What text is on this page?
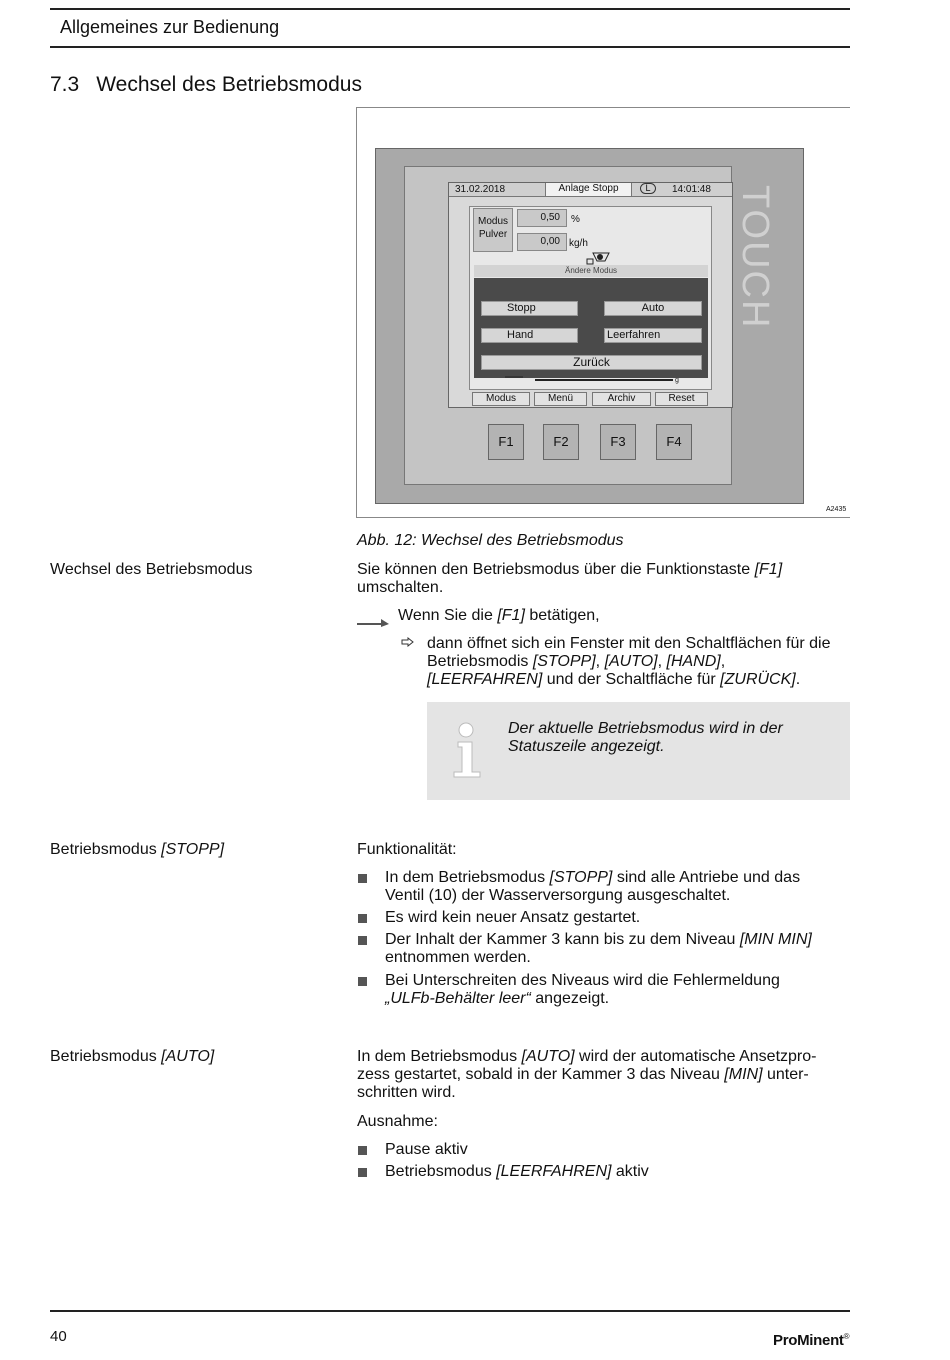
Allgemeines zur Bedienung
7.3 Wechsel des Betriebsmodus
TOUCH
31.02.2018	Anlage Stopp	L	14:01:48
Modus
Pulver
0,50	%
0,00 kg/h
Ändere Modus
Stopp	Auto
Hand	Leerfahren
Zurück
g
Modus	Menü	Archiv	Reset
F1	F2	F3	F4
A2435
Abb. 12: Wechsel des Betriebsmodus
Wechsel des Betriebsmodus	Sie können den Betriebsmodus über die Funktionstaste [F1]
umschalten.
Wenn Sie die [F1] betätigen,
dann öffnet sich ein Fenster mit den Schaltflächen für die
Betriebsmodis [STOPP], [AUTO], [HAND],
[LEERFAHREN] und der Schaltfläche für [ZURÜCK].
Der aktuelle Betriebsmodus wird in der
Statuszeile angezeigt.
Betriebsmodus [STOPP]	Funktionalität:
In dem Betriebsmodus [STOPP] sind alle Antriebe und das
Ventil (10) der Wasserversorgung ausgeschaltet.
Es wird kein neuer Ansatz gestartet.
Der Inhalt der Kammer 3 kann bis zu dem Niveau [MIN MIN]
entnommen werden.
Bei Unterschreiten des Niveaus wird die Fehlermeldung
„ULFb-Behälter leer“ angezeigt.
Betriebsmodus [AUTO]	In dem Betriebsmodus [AUTO] wird der automatische Ansetzpro-
zess gestartet, sobald in der Kammer 3 das Niveau [MIN] unter-
schritten wird.
Ausnahme:
Pause aktiv
Betriebsmodus [LEERFAHREN] aktiv
40	ProMinent®
